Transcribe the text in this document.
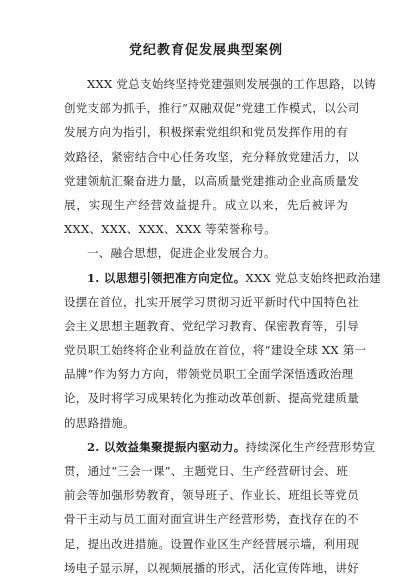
党纪教育促发展典型案例
XXX 党总支始终坚持党建强则发展强的工作思路，以铸
创党支部为抓手，推行“双融双促”党建工作模式，以公司
发展方向为指引，积极探索党组织和党员发挥作用的有
效路径，紧密结合中心任务攻坚，充分释放党建活力，以
党建领航汇聚奋进力量，以高质量党建推动企业高质量发
展，实现生产经营效益提升。成立以来，先后被评为
XXX、XXX、XXX、XXX 等荣誉称号。
一、融合思想，促进企业发展合力。
1. 以思想引领把准方向定位。XXX 党总支始终把政治建
设摆在首位，扎实开展学习贯彻习近平新时代中国特色社
会主义思想主题教育、党纪学习教育、保密教育等，引导
党员职工始终将企业利益放在首位，将“建设全球 XX 第一
品牌”作为努力方向，带领党员职工全面学深悟透政治理
论，及时将学习成果转化为推动改革创新、提高党建质量
的思路措施。
2. 以效益集聚提振内驱动力。持续深化生产经营形势宣
贯，通过“三会一课”、主题党日、生产经营研讨会、班
前会等加强形势教育，领导班子、作业长、班组长等党员
骨干主动与员工面对面宣讲生产经营形势，查找存在的不
足，提出改进措施。设置作业区生产经营展示墙，利用现
场电子显示屏，以视频展播的形式，活化宣传阵地，讲好
